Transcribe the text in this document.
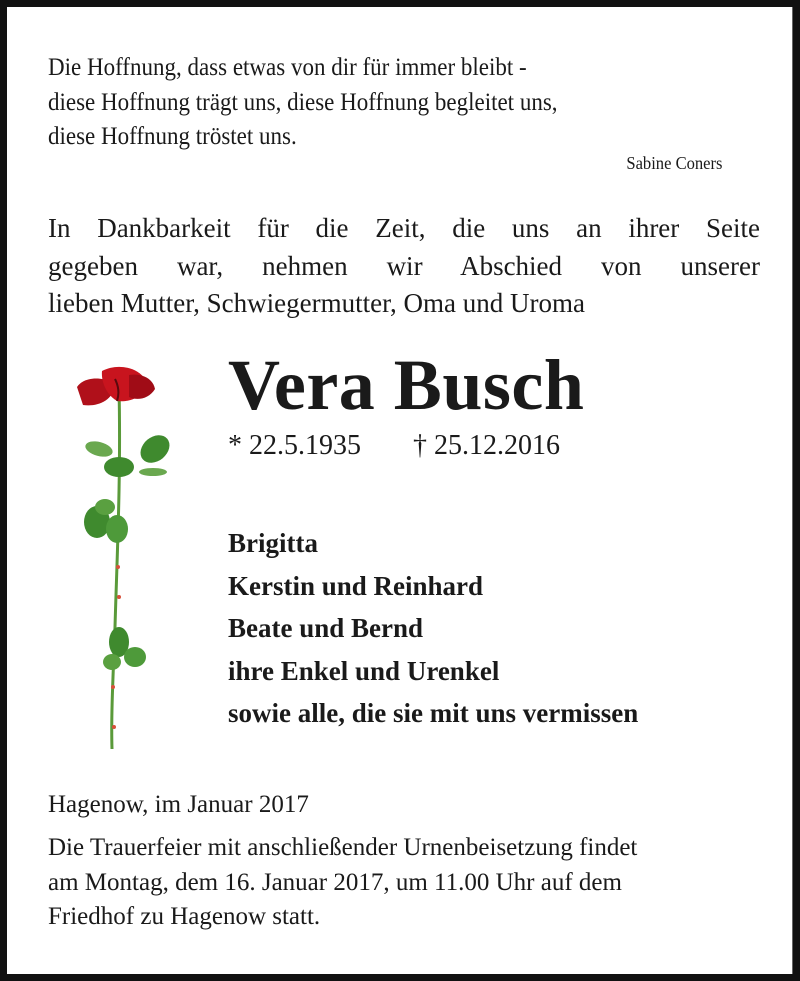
Die Hoffnung, dass etwas von dir für immer bleibt -
diese Hoffnung trägt uns, diese Hoffnung begleitet uns,
diese Hoffnung tröstet uns.
Sabine Coners
In Dankbarkeit für die Zeit, die uns an ihrer Seite
gegeben war, nehmen wir Abschied von unserer
lieben Mutter, Schwiegermutter, Oma und Uroma
Vera Busch
* 22.5.1935 † 25.12.2016
Brigitta
Kerstin und Reinhard
Beate und Bernd
ihre Enkel und Urenkel
sowie alle, die sie mit uns vermissen
Hagenow, im Januar 2017
Die Trauerfeier mit anschließender Urnenbeisetzung findet
am Montag, dem 16. Januar 2017, um 11.00 Uhr auf dem
Friedhof zu Hagenow statt.
